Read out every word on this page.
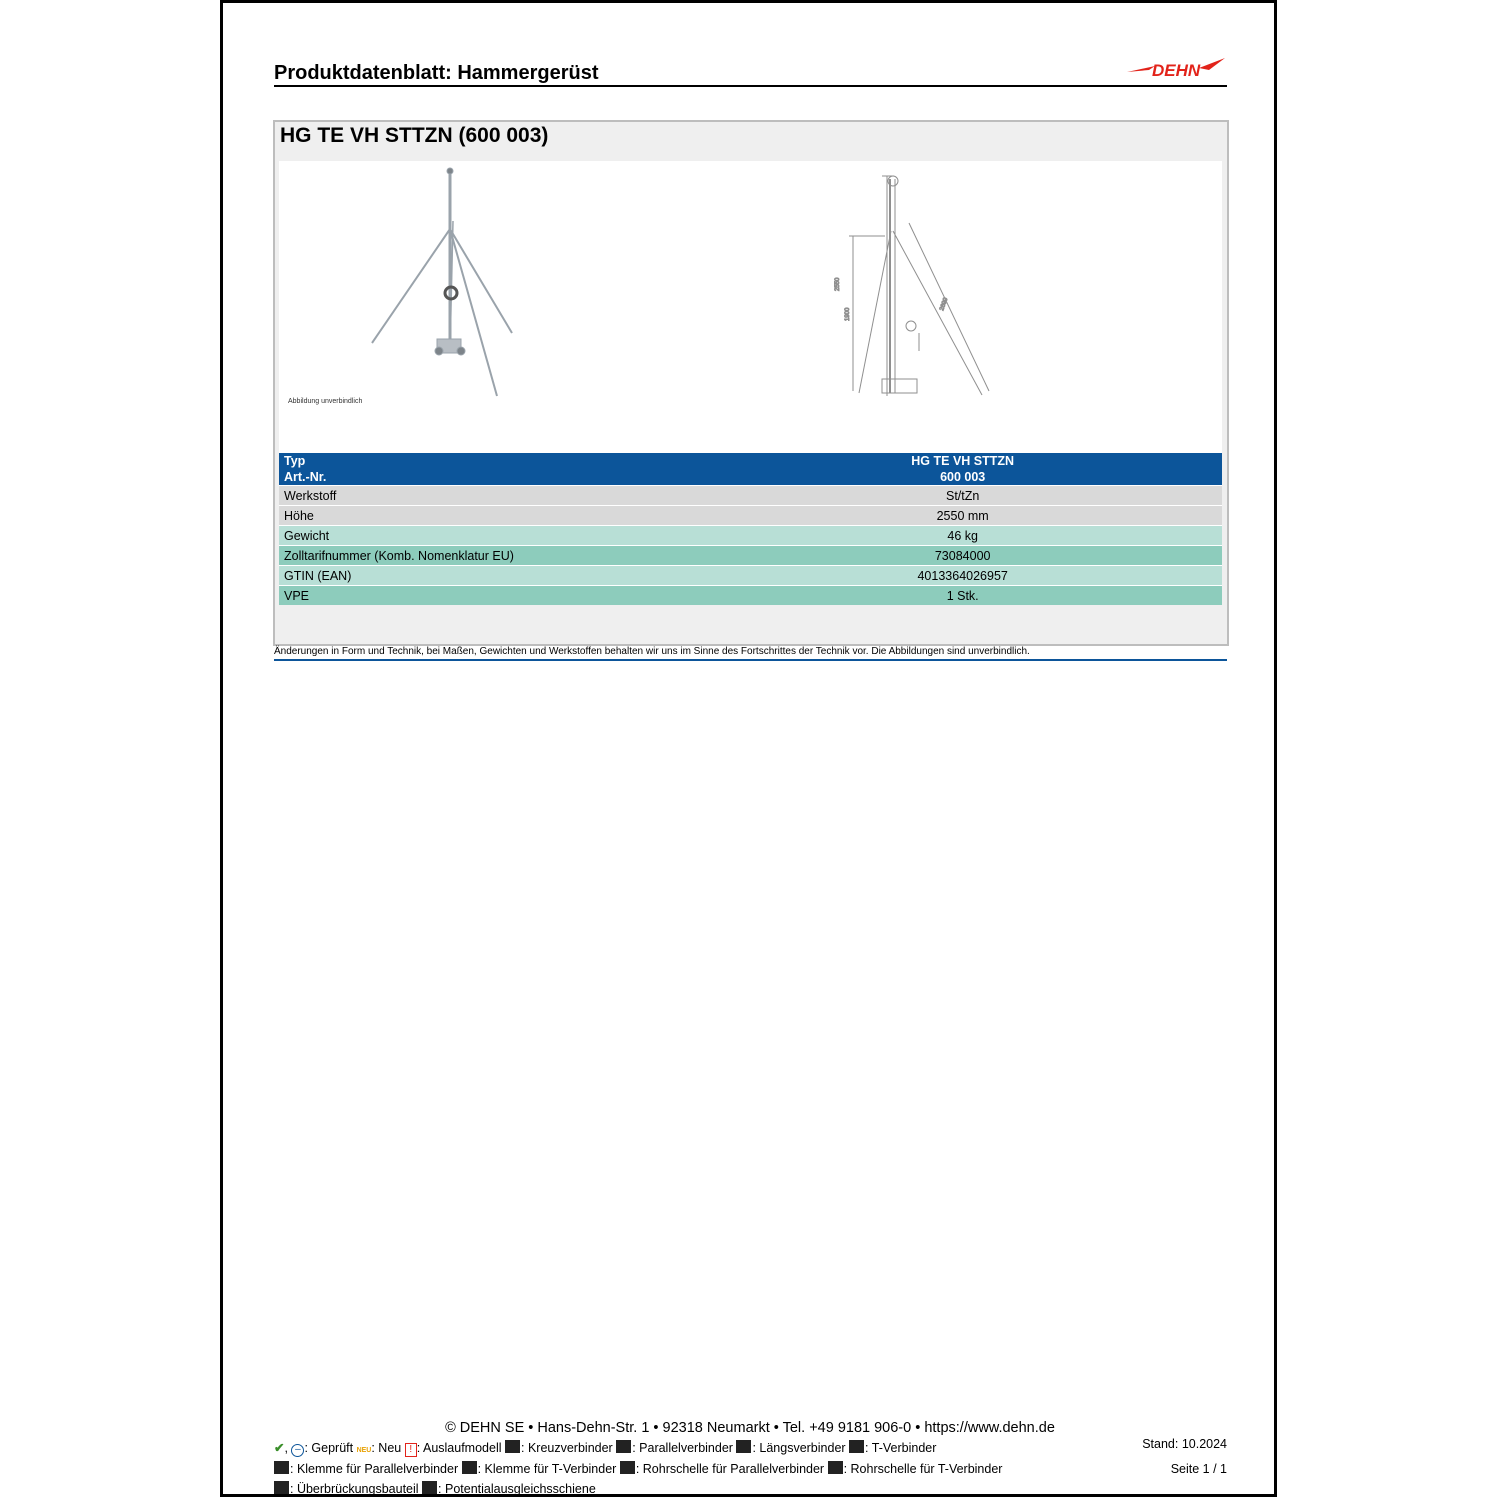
Produktdatenblatt: Hammergerüst	DEHN
HG TE VH STTZN (600 003)
2550
1900
2690
Abbildung unverbindlich
Typ	HG TE VH STTZN
Art.-Nr.	600 003
Werkstoff	St/tZn
Höhe	2550 mm
Gewicht	46 kg
Zolltarifnummer (Komb. Nomenklatur EU)	73084000
GTIN (EAN)	4013364026957
VPE	1 Stk.
Änderungen in Form und Technik, bei Maßen, Gewichten und Werkstoffen behalten wir uns im Sinne des Fortschrittes der Technik vor. Die Abbildungen sind unverbindlich.
© DEHN SE • Hans-Dehn-Str. 1 • 92318 Neumarkt • Tel. +49 9181 906-0 • https://www.dehn.de
✔, – : Geprüft NEU: Neu ! : Auslaufmodell : Kreuzverbinder : Parallelverbinder : Längsverbinder : T-Verbinder
: Klemme für Parallelverbinder : Klemme für T-Verbinder : Rohrschelle für Parallelverbinder : Rohrschelle für T-Verbinder
: Überbrückungsbauteil : Potentialausgleichsschiene
Stand: 10.2024
Seite 1 / 1
